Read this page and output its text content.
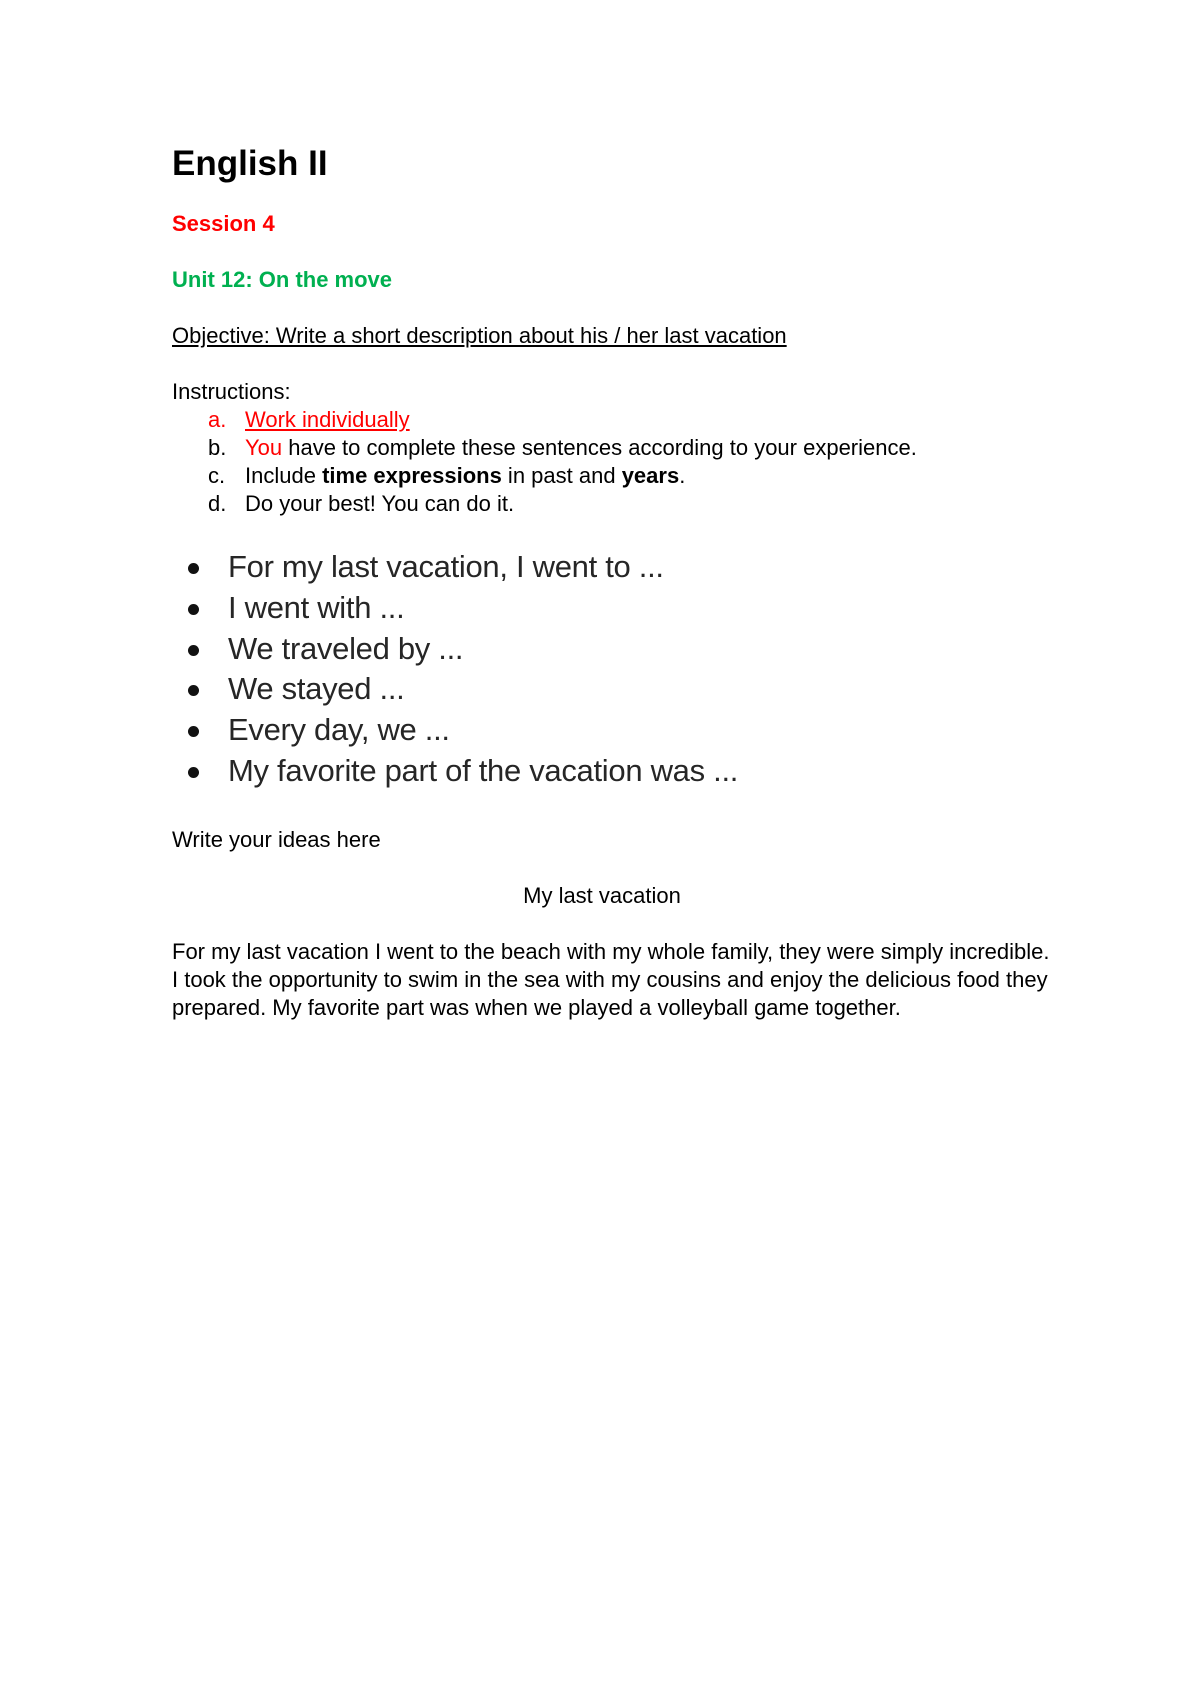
English II
Session 4
Unit 12: On the move
Objective: Write a short description about his / her last vacation
Instructions:
a. Work individually
b. You have to complete these sentences according to your experience.
c. Include time expressions in past and years.
d. Do your best! You can do it.
For my last vacation, I went to ...
I went with ...
We traveled by ...
We stayed ...
Every day, we ...
My favorite part of the vacation was ...
Write your ideas here
My last vacation

For my last vacation I went to the beach with my whole family, they were simply incredible. I took the opportunity to swim in the sea with my cousins and enjoy the delicious food they prepared. My favorite part was when we played a volleyball game together.
